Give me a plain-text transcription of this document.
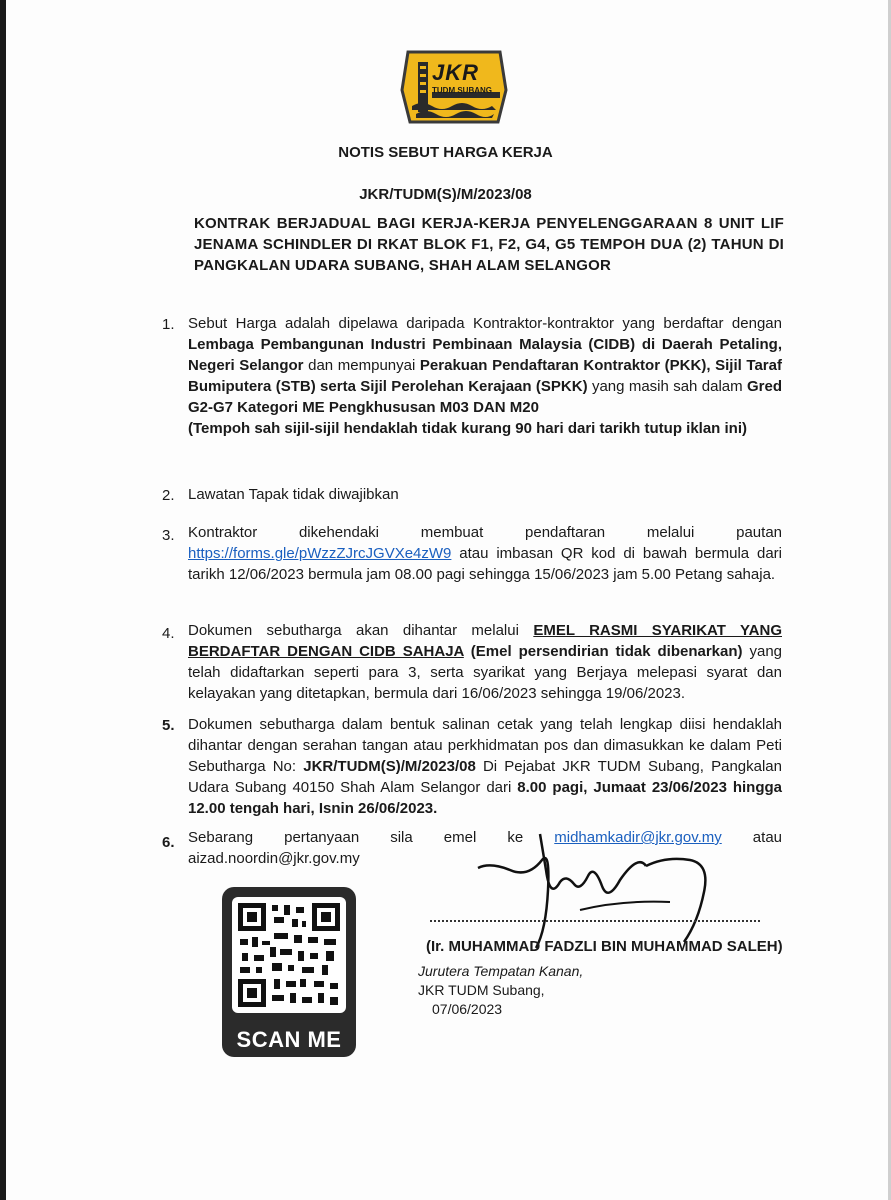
JKR
TUDM SUBANG
NOTIS SEBUT HARGA KERJA
JKR/TUDM(S)/M/2023/08
KONTRAK BERJADUAL BAGI KERJA-KERJA PENYELENGGARAAN 8 UNIT LIF JENAMA SCHINDLER DI RKAT BLOK F1, F2, G4, G5 TEMPOH DUA (2) TAHUN DI PANGKALAN UDARA SUBANG, SHAH ALAM SELANGOR
1. Sebut Harga adalah dipelawa daripada Kontraktor-kontraktor yang berdaftar dengan Lembaga Pembangunan Industri Pembinaan Malaysia (CIDB) di Daerah Petaling, Negeri Selangor dan mempunyai Perakuan Pendaftaran Kontraktor (PKK), Sijil Taraf Bumiputera (STB) serta Sijil Perolehan Kerajaan (SPKK) yang masih sah dalam Gred G2-G7 Kategori ME Pengkhususan M03 DAN M20
(Tempoh sah sijil-sijil hendaklah tidak kurang 90 hari dari tarikh tutup iklan ini)
2. Lawatan Tapak tidak diwajibkan
3. Kontraktor dikehendaki membuat pendaftaran melalui pautan https://forms.gle/pWzzZJrcJGVXe4zW9 atau imbasan QR kod di bawah bermula dari tarikh 12/06/2023 bermula jam 08.00 pagi sehingga 15/06/2023 jam 5.00 Petang sahaja.
4. Dokumen sebutharga akan dihantar melalui EMEL RASMI SYARIKAT YANG BERDAFTAR DENGAN CIDB SAHAJA (Emel persendirian tidak dibenarkan) yang telah didaftarkan seperti para 3, serta syarikat yang Berjaya melepasi syarat dan kelayakan yang ditetapkan, bermula dari 16/06/2023 sehingga 19/06/2023.
5. Dokumen sebutharga dalam bentuk salinan cetak yang telah lengkap diisi hendaklah dihantar dengan serahan tangan atau perkhidmatan pos dan dimasukkan ke dalam Peti Sebutharga No: JKR/TUDM(S)/M/2023/08 Di Pejabat JKR TUDM Subang, Pangkalan Udara Subang 40150 Shah Alam Selangor dari 8.00 pagi, Jumaat 23/06/2023 hingga 12.00 tengah hari, Isnin 26/06/2023.
6. Sebarang pertanyaan sila emel ke midhamkadir@jkr.gov.my atau aizad.noordin@jkr.gov.my
SCAN ME
(Ir. MUHAMMAD FADZLI BIN MUHAMMAD SALEH)
Jurutera Tempatan Kanan,
JKR TUDM Subang,
07/06/2023
